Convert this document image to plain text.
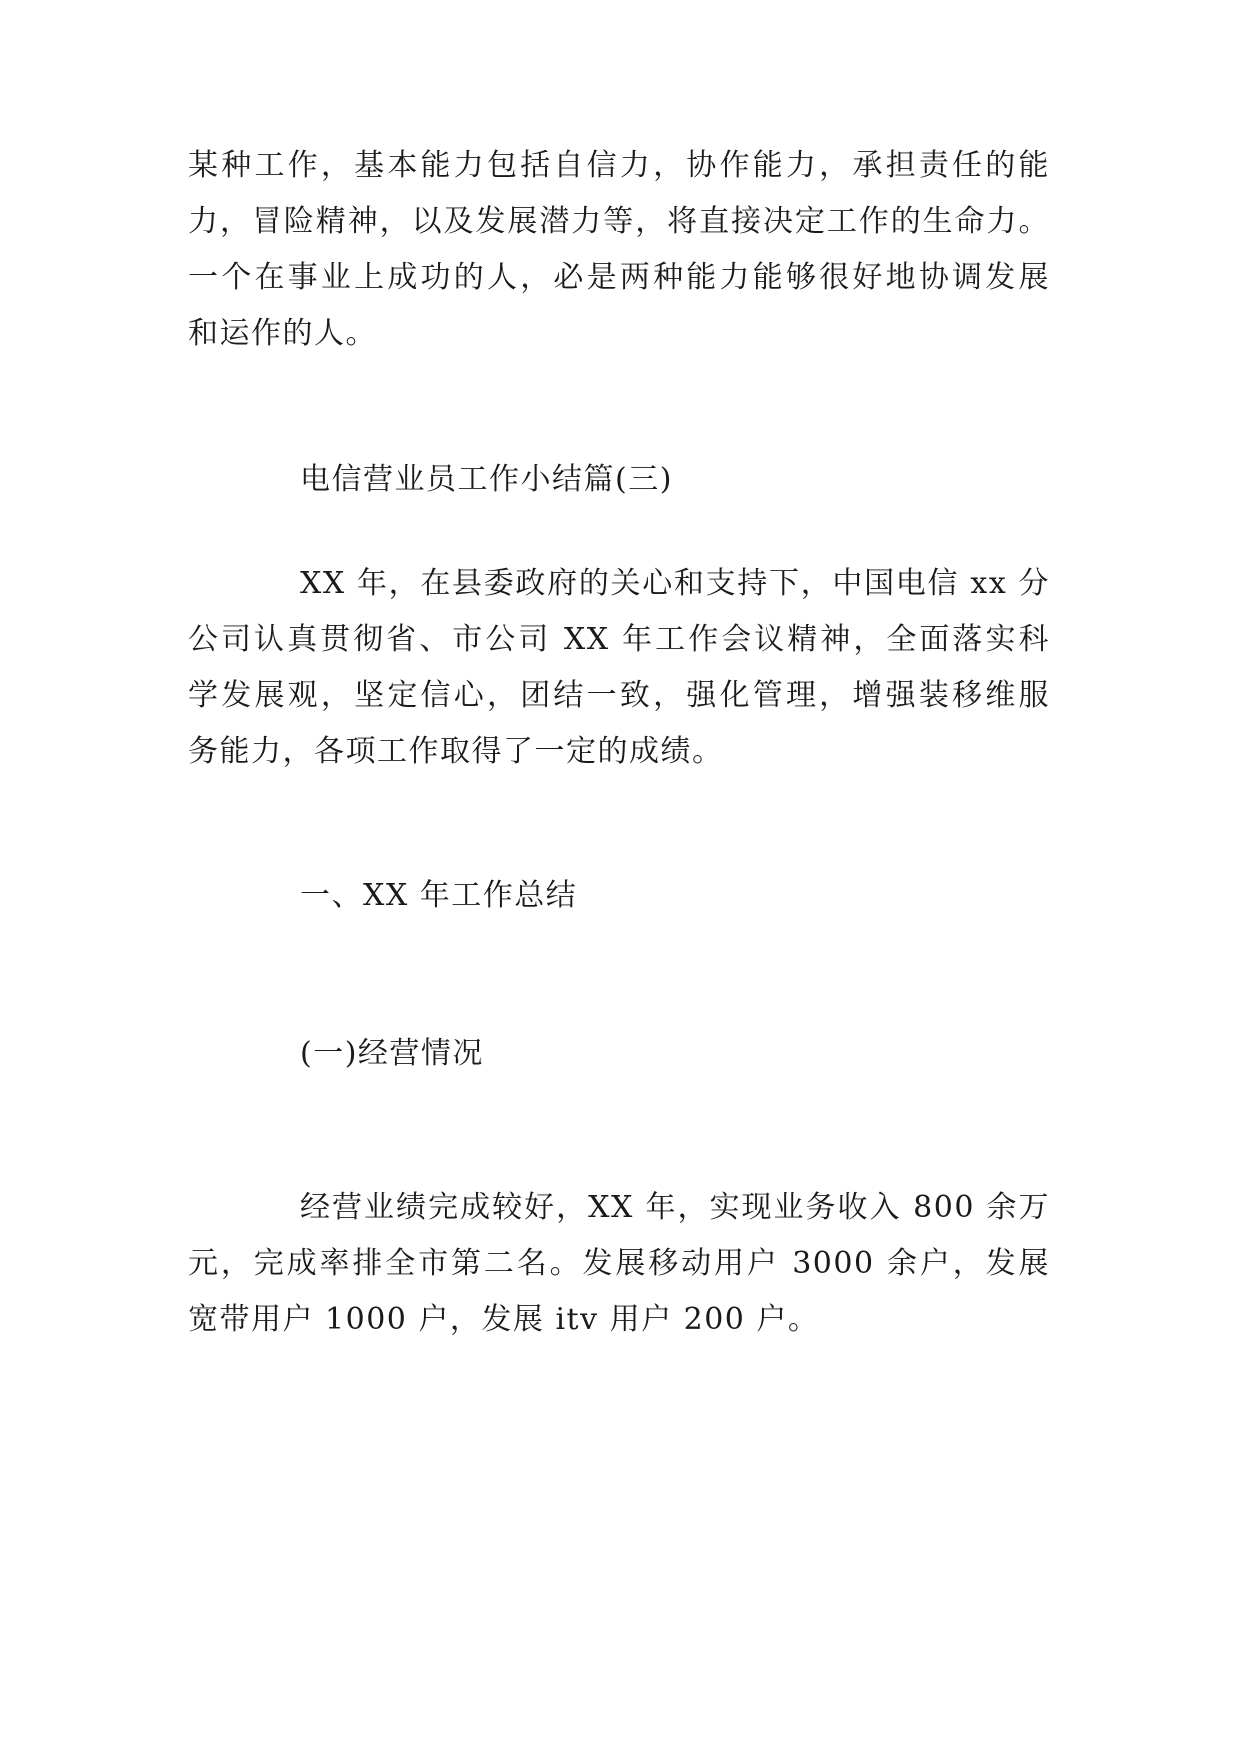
某种工作，基本能力包括自信力，协作能力，承担责任的能
力，冒险精神，以及发展潜力等，将直接决定工作的生命力。
一个在事业上成功的人，必是两种能力能够很好地协调发展
和运作的人。
电信营业员工作小结篇(三)
XX 年，在县委政府的关心和支持下，中国电信 xx 分
公司认真贯彻省、市公司 XX 年工作会议精神，全面落实科
学发展观，坚定信心，团结一致，强化管理，增强装移维服
务能力，各项工作取得了一定的成绩。
一、XX 年工作总结
(一)经营情况
经营业绩完成较好，XX 年，实现业务收入 800 余万
元，完成率排全市第二名。发展移动用户 3000 余户，发展
宽带用户 1000 户，发展 itv 用户 200 户。
